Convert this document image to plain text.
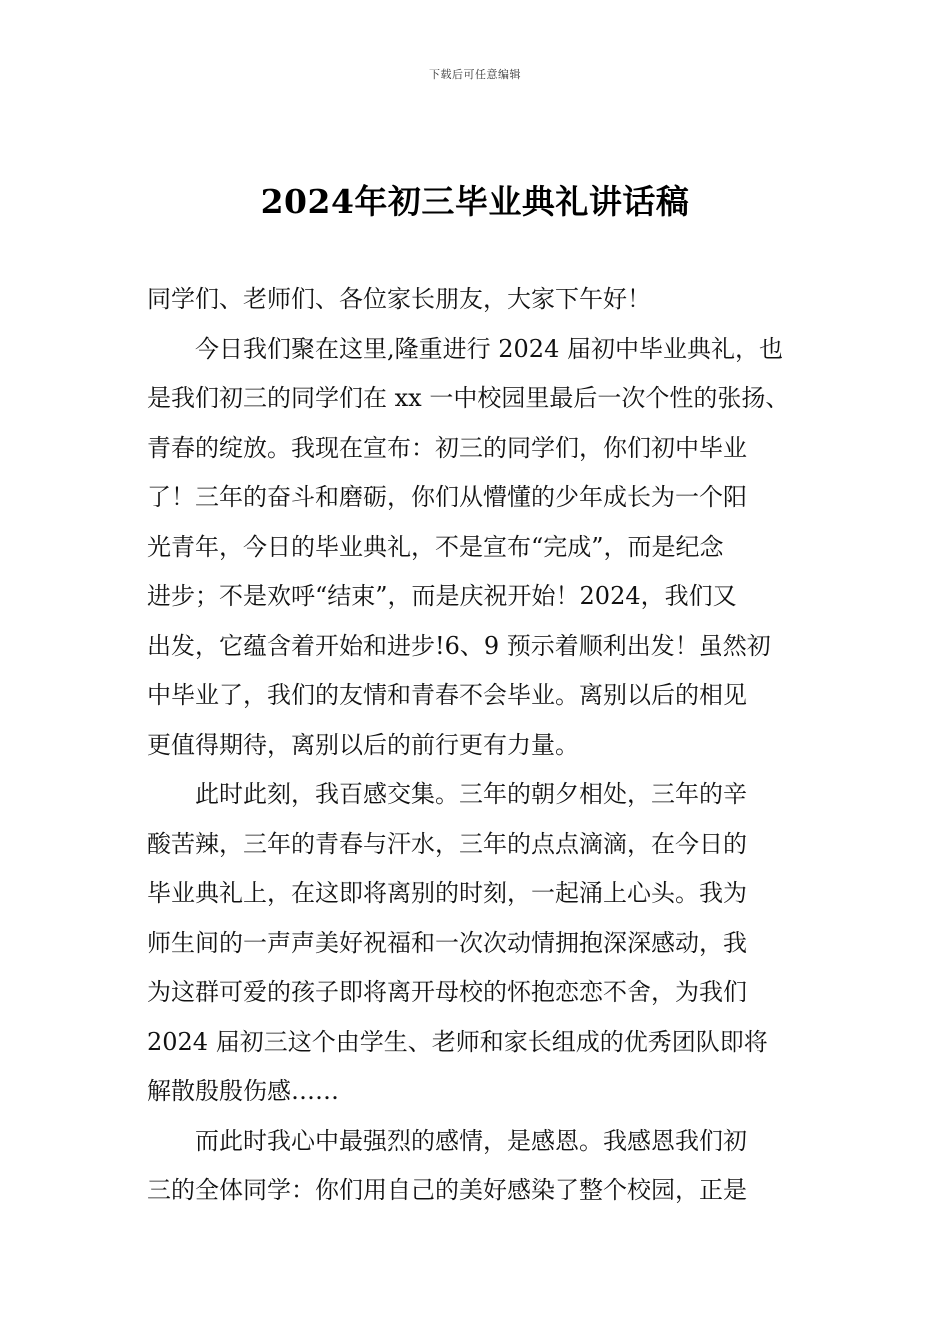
下载后可任意编辑
2024年初三毕业典礼讲话稿
同学们、老师们、各位家长朋友，大家下午好！
今日我们聚在这里,隆重进行 2024 届初中毕业典礼，也
是我们初三的同学们在 xx 一中校园里最后一次个性的张扬、
青春的绽放。我现在宣布：初三的同学们，你们初中毕业
了！三年的奋斗和磨砺，你们从懵懂的少年成长为一个阳
光青年，今日的毕业典礼，不是宣布“完成”，而是纪念
进步；不是欢呼“结束”，而是庆祝开始！2024，我们又
出发，它蕴含着开始和进步!6、9 预示着顺利出发！虽然初
中毕业了，我们的友情和青春不会毕业。离别以后的相见
更值得期待，离别以后的前行更有力量。
此时此刻，我百感交集。三年的朝夕相处，三年的辛
酸苦辣，三年的青春与汗水，三年的点点滴滴，在今日的
毕业典礼上，在这即将离别的时刻，一起涌上心头。我为
师生间的一声声美好祝福和一次次动情拥抱深深感动，我
为这群可爱的孩子即将离开母校的怀抱恋恋不舍，为我们
2024 届初三这个由学生、老师和家长组成的优秀团队即将
解散殷殷伤感……
而此时我心中最强烈的感情，是感恩。我感恩我们初
三的全体同学：你们用自己的美好感染了整个校园，正是
